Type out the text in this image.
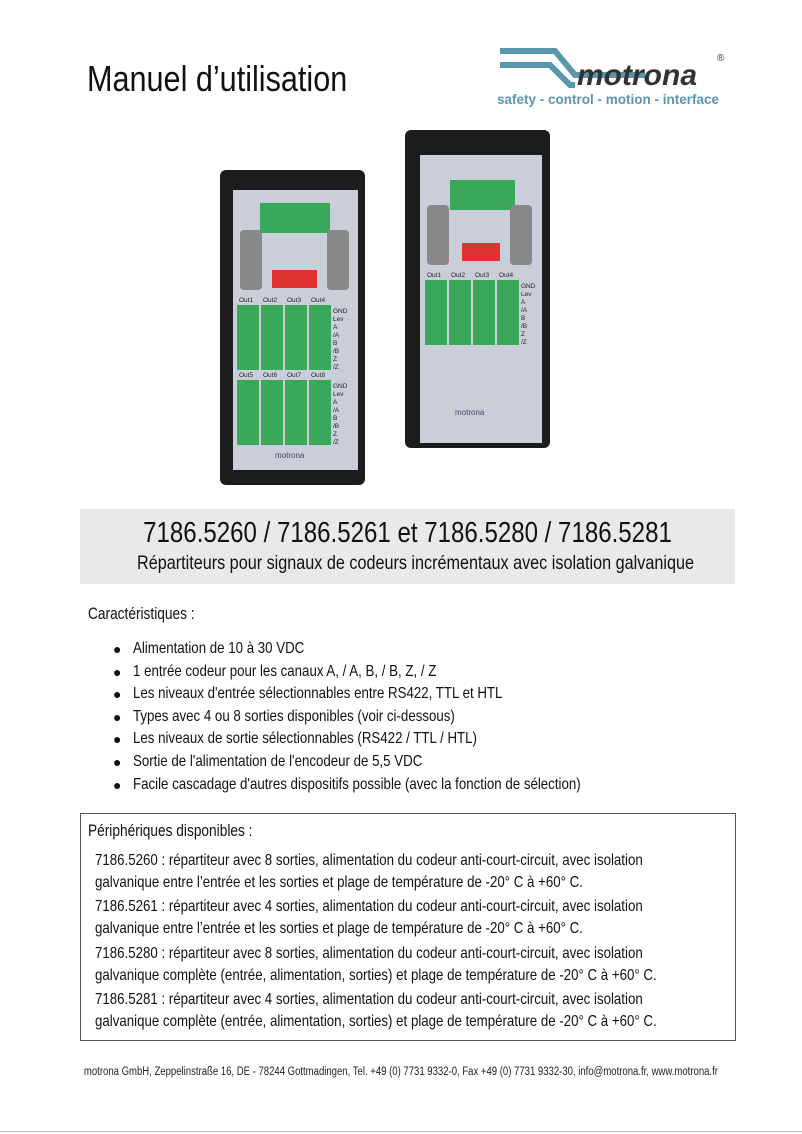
Manuel d’utilisation	motrona
®
safety - control - motion - interface
Out1 Out2 Out3 Out4
GND
Lev
A
/A
B
/B
Z
/Z
motrona
Out1 Out2 Out3 Out4
Out5 Out6 Out7 Out8
GND
Lev
A
/A
B
/B
Z
/Z
GND
Lev
A
/A
B
/B
Z
/Z
motrona
7186.5260 / 7186.5261 et 7186.5280 / 7186.5281
Répartiteurs pour signaux de codeurs incrémentaux avec isolation galvanique
Caractéristiques :
● Alimentation de 10 à 30 VDC
● 1 entrée codeur pour les canaux A, / A, B, / B, Z, / Z
● Les niveaux d'entrée sélectionnables entre RS422, TTL et HTL
● Types avec 4 ou 8 sorties disponibles (voir ci-dessous)
● Les niveaux de sortie sélectionnables (RS422 / TTL / HTL)
● Sortie de l'alimentation de l'encodeur de 5,5 VDC
● Facile cascadage d'autres dispositifs possible (avec la fonction de sélection)
Périphériques disponibles :
7186.5260 : répartiteur avec 8 sorties, alimentation du codeur anti-court-circuit, avec isolation
galvanique entre l’entrée et les sorties et plage de température de -20° C à +60° C.
7186.5261 : répartiteur avec 4 sorties, alimentation du codeur anti-court-circuit, avec isolation
galvanique entre l’entrée et les sorties et plage de température de -20° C à +60° C.
7186.5280 : répartiteur avec 8 sorties, alimentation du codeur anti-court-circuit, avec isolation
galvanique complète (entrée, alimentation, sorties) et plage de température de -20° C à +60° C.
7186.5281 : répartiteur avec 4 sorties, alimentation du codeur anti-court-circuit, avec isolation
galvanique complète (entrée, alimentation, sorties) et plage de température de -20° C à +60° C.
motrona GmbH, Zeppelinstraße 16, DE - 78244 Gottmadingen, Tel. +49 (0) 7731 9332-0, Fax +49 (0) 7731 9332-30, info@motrona.fr, www.motrona.fr
